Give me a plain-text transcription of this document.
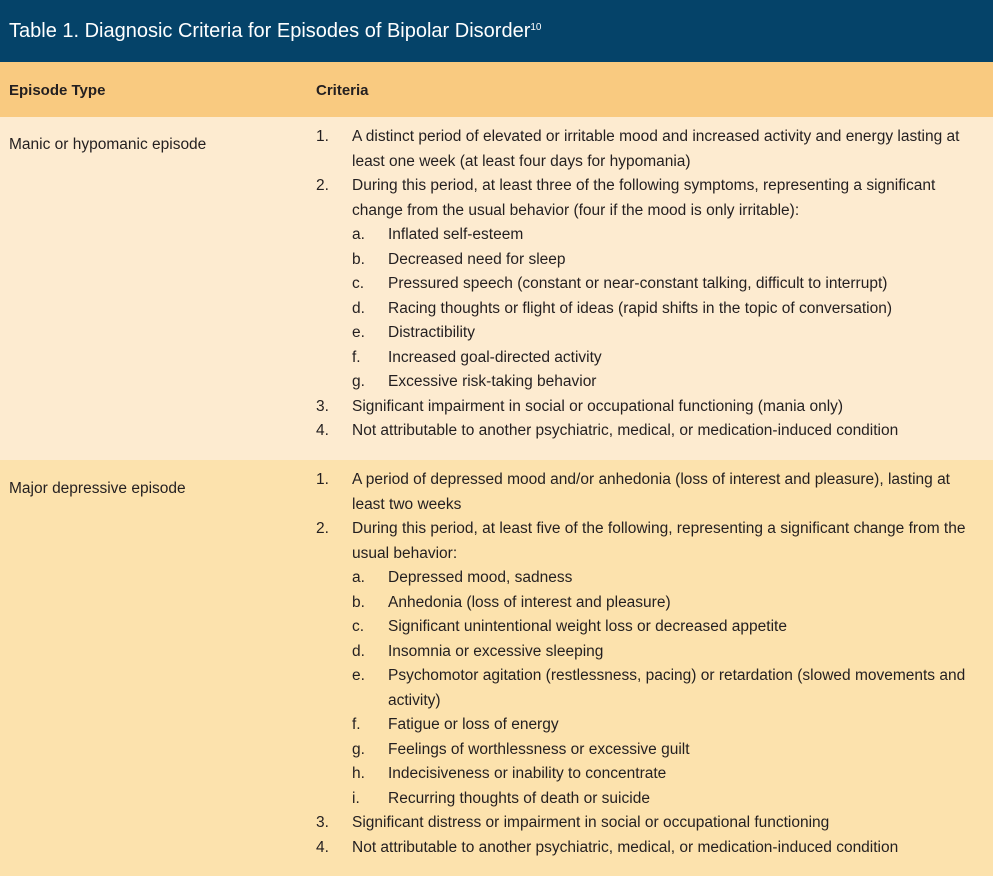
Table 1. Diagnosic Criteria for Episodes of Bipolar Disorder$^{10}$
Episode Type	Criteria
Manic or hypomanic episode	1.	A distinct period of elevated or irritable mood and increased activity and energy lasting at least one week (at least four days for hypomania)
2.	During this period, at least three of the following symptoms, representing a significant change from the usual behavior (four if the mood is only irritable):
a.	Inflated self-esteem
b.	Decreased need for sleep
c.	Pressured speech (constant or near-constant talking, difficult to interrupt)
d.	Racing thoughts or flight of ideas (rapid shifts in the topic of conversation)
e.	Distractibility
f.	Increased goal-directed activity
g.	Excessive risk-taking behavior
3.	Significant impairment in social or occupational functioning (mania only)
4.	Not attributable to another psychiatric, medical, or medication-induced condition
Major depressive episode
1.	A period of depressed mood and/or anhedonia (loss of interest and pleasure), lasting at least two weeks
2.	During this period, at least five of the following, representing a significant change from the usual behavior:
a.	Depressed mood, sadness
b.	Anhedonia (loss of interest and pleasure)
c.	Significant unintentional weight loss or decreased appetite
d.	Insomnia or excessive sleeping
e.	Psychomotor agitation (restlessness, pacing) or retardation (slowed movements and activity)
f.	Fatigue or loss of energy
g.	Feelings of worthlessness or excessive guilt
h.	Indecisiveness or inability to concentrate
i.	Recurring thoughts of death or suicide
3.	Significant distress or impairment in social or occupational functioning
4.	Not attributable to another psychiatric, medical, or medication-induced condition
